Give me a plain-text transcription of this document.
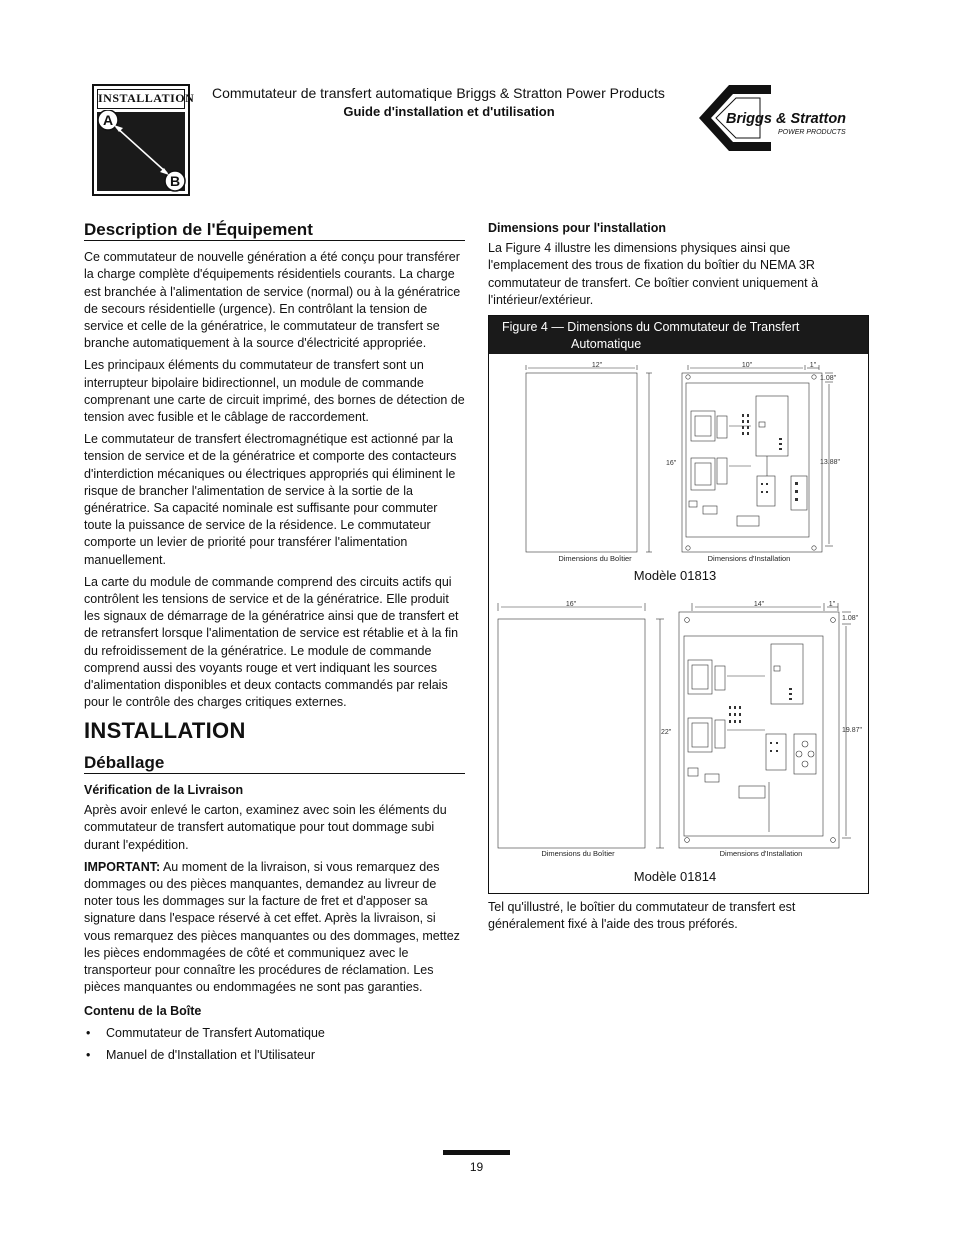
INSTALLATION
A
B
Commutateur de transfert automatique Briggs & Stratton Power Products
Guide d'installation et d'utilisation	Briggs & Stratton
POWER PRODUCTS
Description de l'Équipement

Ce commutateur de nouvelle génération a été conçu pour transférer la charge complète d'équipements résidentiels courants. La charge est branchée à l'alimentation de service (normal) ou à la génératrice de secours résidentielle (urgence). En contrôlant la tension de service et celle de la génératrice, le commutateur de transfert se branche automatiquement à la source d'électricité appropriée.

Les principaux éléments du commutateur de transfert sont un interrupteur bipolaire bidirectionnel, un module de commande comprenant une carte de circuit imprimé, des bornes de détection de tension avec fusible et le câblage de raccordement.

Le commutateur de transfert électromagnétique est actionné par la tension de service et de la génératrice et comporte des contacteurs d'interdiction mécaniques ou électriques appropriés qui éliminent le risque de brancher l'alimentation de service à la sortie de la génératrice. Sa capacité nominale est suffisante pour commuter toute la puissance de service de la résidence. Le commutateur comporte un levier de priorité pour transférer l'alimentation manuellement.

La carte du module de commande comprend des circuits actifs qui contrôlent les tensions de service et de la génératrice. Elle produit les signaux de démarrage de la génératrice ainsi que de transfert et de retransfert lorsque l'alimentation de service est rétablie et à la fin du refroidissement de la génératrice. Le module de commande comprend aussi des voyants rouge et vert indiquant les sources d'alimentation disponibles et deux contacts commandés par relais pour le contrôle des charges critiques externes.

INSTALLATION
Déballage
Vérification de la Livraison

Après avoir enlevé le carton, examinez avec soin les éléments du commutateur de transfert automatique pour tout dommage subi durant l'expédition.

IMPORTANT: Au moment de la livraison, si vous remarquez des dommages ou des pièces manquantes, demandez au livreur de noter tous les dommages sur la facture de fret et d'apposer sa signature dans l'espace réservé à cet effet. Après la livraison, si vous remarquez des pièces manquantes ou des dommages, mettez les pièces endommagées de côté et communiquez avec le transporteur pour connaître les procédures de réclamation. Les pièces manquantes ou endommagées ne sont pas garanties.

Contenu de la Boîte
• Commutateur de Transfert Automatique
• Manuel de d'Installation et l'Utilisateur
Dimensions pour l'installation

La Figure 4 illustre les dimensions physiques ainsi que l'emplacement des trous de fixation du boîtier du NEMA 3R commutateur de transfert. Ce boîtier convient uniquement à l'intérieur/extérieur.

Figure 4 — Dimensions du Commutateur de Transfert
Automatique
12"	10"	1"
1.08"
16"	13.88"
Dimensions du Boîtier	Dimensions d'Installation
Modèle 01813
16"	14"	1"
1.08"
22"	19.87"
Dimensions du Boîtier	Dimensions d'Installation
Modèle 01814

Tel qu'illustré, le boîtier du commutateur de transfert est généralement fixé à l'aide des trous préforés.

19
